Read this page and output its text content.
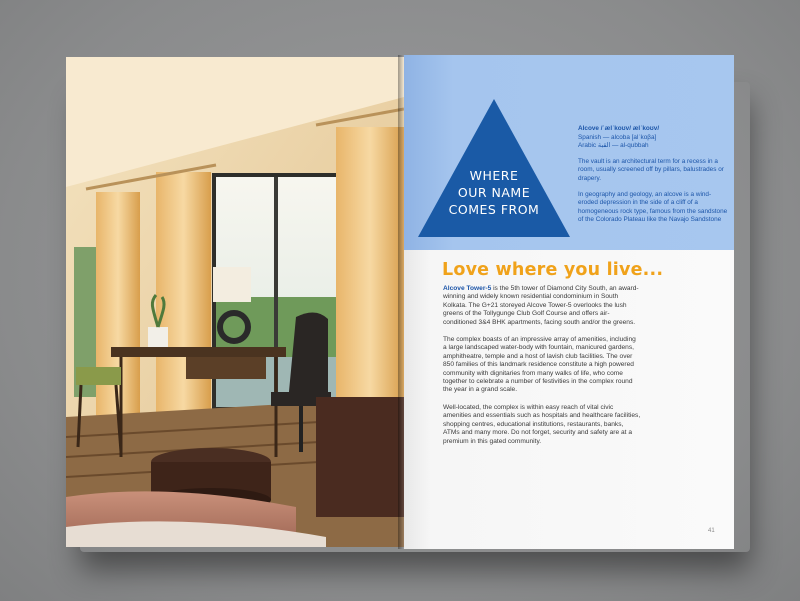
WHERE
OUR NAME
COMES FROM

Alcove /ˈælˈkoʊv/ ælˈkoʊv/
Spanish — alcoba [alˈkoβa]
Arabic القبة — al-qubbah

The vault is an architectural term for a recess in a room, usually screened off by pillars, balustrades or drapery.

In geography and geology, an alcove is a wind-eroded depression in the side of a cliff of a homogeneous rock type, famous from the sandstone of the Colorado Plateau like the Navajo Sandstone

Love where you live...

Alcove Tower-5 is the 5th tower of Diamond City South, an award-winning and widely known residential condominium in South Kolkata. The G+21 storeyed Alcove Tower-5 overlooks the lush greens of the Tollygunge Club Golf Course and offers air-conditioned 3&4 BHK apartments, facing south and/or the greens.

The complex boasts of an impressive array of amenities, including a large landscaped water-body with fountain, manicured gardens, amphitheatre, temple and a host of lavish club facilities. The over 850 families of this landmark residence constitute a high powered community with dignitaries from many walks of life, who come together to celebrate a number of festivities in the complex round the year in a grand scale.

Well-located, the complex is within easy reach of vital civic amenities and essentials such as hospitals and healthcare facilities, shopping centres, educational institutions, restaurants, banks, ATMs and many more. Do not forget, security and safety are at a premium in this gated community.

41
